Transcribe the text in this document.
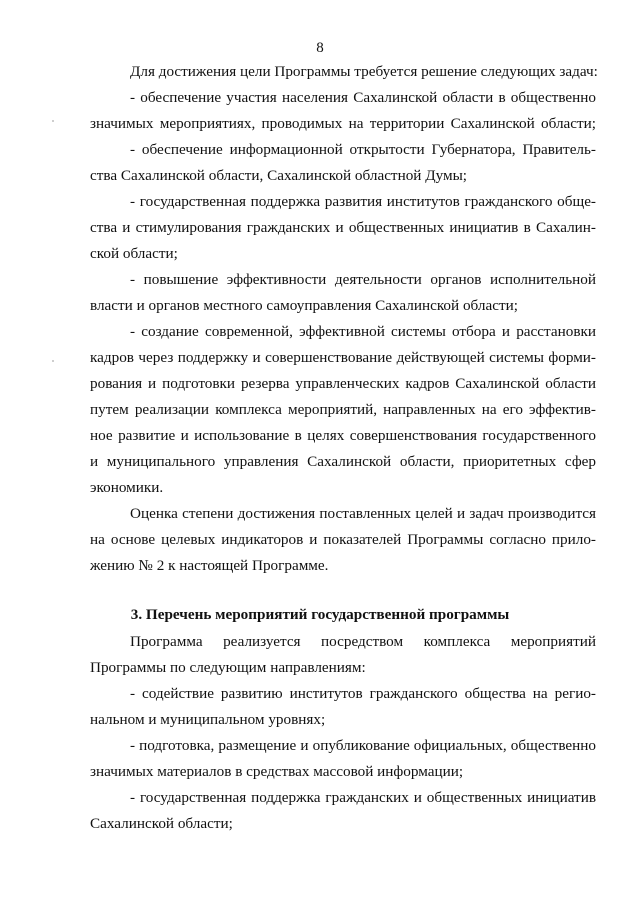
8
Для достижения цели Программы требуется решение следующих задач:
- обеспечение участия населения Сахалинской области в общественно
значимых мероприятиях, проводимых на территории Сахалинской области;
- обеспечение информационной открытости Губернатора, Правитель-
ства Сахалинской области, Сахалинской областной Думы;
- государственная поддержка развития институтов гражданского обще-
ства и стимулирования гражданских и общественных инициатив в Сахалин-
ской области;
- повышение эффективности деятельности органов исполнительной
власти и органов местного самоуправления Сахалинской области;
- создание современной, эффективной системы отбора и расстановки
кадров через поддержку и совершенствование действующей системы форми-
рования и подготовки резерва управленческих кадров Сахалинской области
путем реализации комплекса мероприятий, направленных на его эффектив-
ное развитие и использование в целях совершенствования государственного
и муниципального управления Сахалинской области, приоритетных сфер
экономики.
Оценка степени достижения поставленных целей и задач производится
на основе целевых индикаторов и показателей Программы согласно прило-
жению № 2 к настоящей Программе.
3. Перечень мероприятий государственной программы
Программа реализуется посредством комплекса мероприятий
Программы по следующим направлениям:
- содействие развитию институтов гражданского общества на регио-
нальном и муниципальном уровнях;
- подготовка, размещение и опубликование официальных, общественно
значимых материалов в средствах массовой информации;
- государственная поддержка гражданских и общественных инициатив
Сахалинской области;
